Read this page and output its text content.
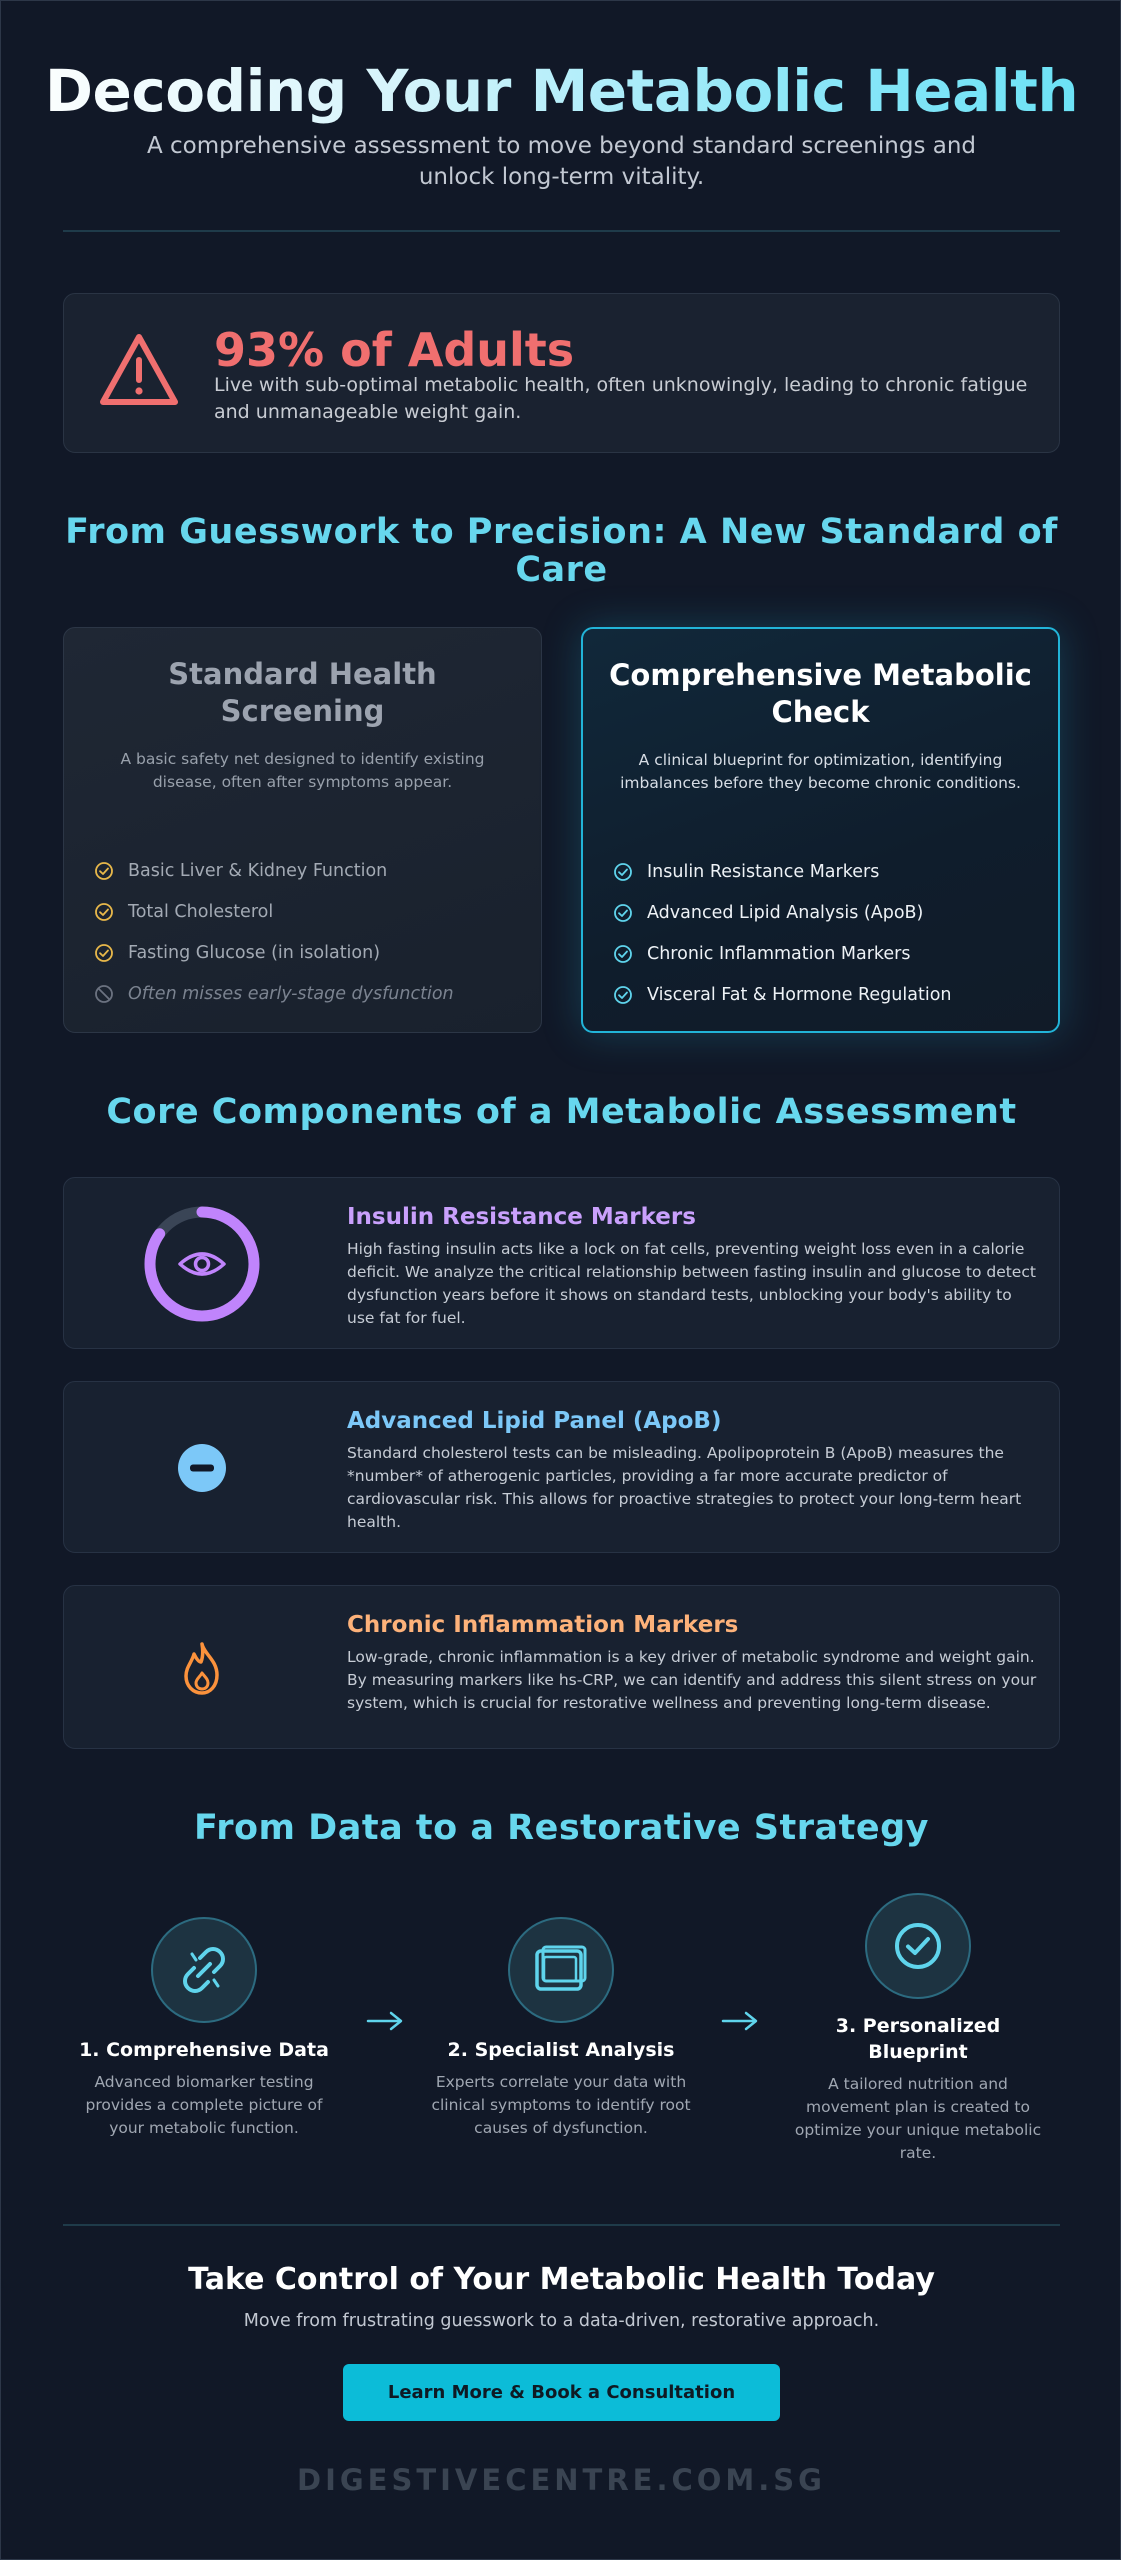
Decoding Your Metabolic Health

A comprehensive assessment to move beyond standard screenings and unlock long-term vitality.

93% of Adults
Live with sub-optimal metabolic health, often unknowingly, leading to chronic fatigue and unmanageable weight gain.
From Guesswork to Precision: A New Standard of Care
Standard Health Screening
A basic safety net designed to identify existing disease, often after symptoms appear.
Basic Liver & Kidney Function
Total Cholesterol
Fasting Glucose (in isolation)
Often misses early-stage dysfunction
Comprehensive Metabolic Check
A clinical blueprint for optimization, identifying imbalances before they become chronic conditions.
Insulin Resistance Markers
Advanced Lipid Analysis (ApoB)
Chronic Inflammation Markers
Visceral Fat & Hormone Regulation
Core Components of a Metabolic Assessment
Insulin Resistance Markers
High fasting insulin acts like a lock on fat cells, preventing weight loss even in a calorie deficit. We analyze the critical relationship between fasting insulin and glucose to detect dysfunction years before it shows on standard tests, unblocking your body's ability to use fat for fuel.
Advanced Lipid Panel (ApoB)
Standard cholesterol tests can be misleading. Apolipoprotein B (ApoB) measures the *number* of atherogenic particles, providing a far more accurate predictor of cardiovascular risk. This allows for proactive strategies to protect your long-term heart health.
Chronic Inflammation Markers
Low-grade, chronic inflammation is a key driver of metabolic syndrome and weight gain. By measuring markers like hs-CRP, we can identify and address this silent stress on your system, which is crucial for restorative wellness and preventing long-term disease.
From Data to a Restorative Strategy
1. Comprehensive Data
Advanced biomarker testing provides a complete picture of your metabolic function.
2. Specialist Analysis
Experts correlate your data with clinical symptoms to identify root causes of dysfunction.
3. Personalized Blueprint
A tailored nutrition and movement plan is created to optimize your unique metabolic rate.
Take Control of Your Metabolic Health Today

Move from frustrating guesswork to a data-driven, restorative approach.

Learn More & Book a Consultation
DIGESTIVECENTRE.COM.SG
